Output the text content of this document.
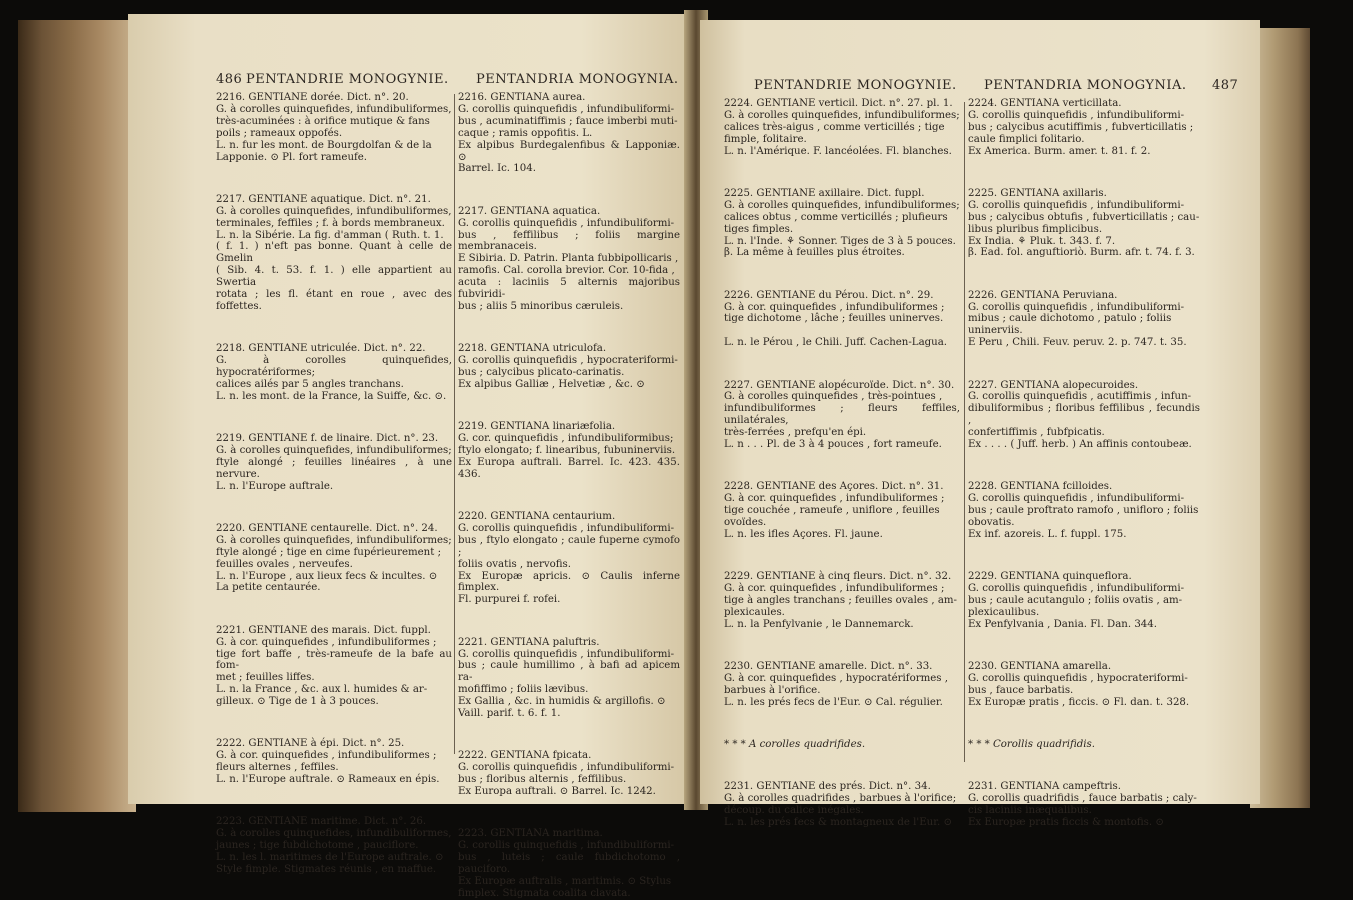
486 PENTANDRIE MONOGYNIE. PENTANDRIA MONOGYNIA.

2216. GENTIANE dorée. Dict. n°. 20.

G. à corolles quinquefides, infundibuliformes,

très-acuminées : à orifice mutique & fans

poils ; rameaux oppofés.

L. n. fur les mont. de Bourgdolfan & de la

Lapponie. ⊙ Pl. fort rameufe.

2217. GENTIANE aquatique. Dict. n°. 21.

G. à corolles quinquefides, infundibuliformes,

terminales, feffiles ; f. à bords membraneux.

L. n. la Sibérie. La fig. d'amman ( Ruth. t. 1.

( f. 1. ) n'eft pas bonne. Quant à celle de Gmelin

( Sib. 4. t. 53. f. 1. ) elle appartient au Swertia

rotata ; les fl. étant en roue , avec des foffettes.

2218. GENTIANE utriculée. Dict. n°. 22.

G. à corolles quinquefides, hypocratériformes;

calices ailés par 5 angles tranchans.

L. n. les mont. de la France, la Suiffe, &c. ⊙.

2219. GENTIANE f. de linaire. Dict. n°. 23.

G. à corolles quinquefides, infundibuliformes;

ftyle alongé ; feuilles linéaires , à une nervure.

L. n. l'Europe auftrale.

2220. GENTIANE centaurelle. Dict. n°. 24.

G. à corolles quinquefides, infundibuliformes;

ftyle alongé ; tige en cime fupérieurement ;

feuilles ovales , nerveufes.

L. n. l'Europe , aux lieux fecs & incultes. ⊙

La petite centaurée.

2221. GENTIANE des marais. Dict. fuppl.

G. à cor. quinquefides , infundibuliformes ;

tige fort baffe , très-rameufe de la bafe au fom-

met ; feuilles liffes.

L. n. la France , &c. aux l. humides & ar-

gilleux. ⊙ Tige de 1 à 3 pouces.

2222. GENTIANE à épi. Dict. n°. 25.

G. à cor. quinquefides , infundibuliformes ;

fleurs alternes , feffiles.

L. n. l'Europe auftrale. ⊙ Rameaux en épis.

2223. GENTIANE maritime. Dict. n°. 26.

G. à corolles quinquefides, infundibuliformes,

jaunes ; tige fubdichotome , pauciflore.

L. n. les l. maritimes de l'Europe auftrale. ⊙

Style fimple. Stigmates réunis , en maffue.

2216. GENTIANA aurea.

G. corollis quinquefidis , infundibuliformi-

bus , acuminatiffimis ; fauce imberbi muti-

caque ; ramis oppofitis. L.

Ex alpibus Burdegalenfibus & Lapponiæ. ⊙

Barrel. Ic. 104.

2217. GENTIANA aquatica.

G. corollis quinquefidis , infundibuliformi-

bus , feffilibus ; foliis margine membranaceis.

E Sibiria. D. Patrin. Planta fubbipollicaris ,

ramofis. Cal. corolla brevior. Cor. 10-fida ,

acuta : laciniis 5 alternis majoribus fubviridi-

bus ; aliis 5 minoribus cæruleis.

2218. GENTIANA utriculofa.

G. corollis quinquefidis , hypocrateriformi-

bus ; calycibus plicato-carinatis.

Ex alpibus Galliæ , Helvetiæ , &c. ⊙

2219. GENTIANA linariæfolia.

G. cor. quinquefidis , infundibuliformibus;

ftylo elongato; f. linearibus, fubuninerviis.

Ex Europa auftrali. Barrel. Ic. 423. 435. 436.

2220. GENTIANA centaurium.

G. corollis quinquefidis , infundibuliformi-

bus , ftylo elongato ; caule fuperne cymofo ;

foliis ovatis , nervofis.

Ex Europæ apricis. ⊙ Caulis inferne fimplex.

Fl. purpurei f. rofei.

2221. GENTIANA paluftris.

G. corollis quinquefidis , infundibuliformi-

bus ; caule humillimo , à bafi ad apicem ra-

mofiffimo ; foliis lævibus.

Ex Gallia , &c. in humidis & argillofis. ⊙

Vaill. parif. t. 6. f. 1.

2222. GENTIANA fpicata.

G. corollis quinquefidis , infundibuliformi-

bus ; floribus alternis , feffilibus.

Ex Europa auftrali. ⊙ Barrel. Ic. 1242.

2223. GENTIANA maritima.

G. corollis quinquefidis , infundibuliformi-

bus , luteis ; caule fubdichotomo , pauciforo.

Ex Europæ auftralis , maritimis. ⊙ Stylus

fimplex. Stigmata coalita clavata.

PENTANDRIE MONOGYNIE. PENTANDRIA MONOGYNIA. 487

2224. GENTIANE verticil. Dict. n°. 27. pl. 1.

G. à corolles quinquefides, infundibuliformes;

calices très-aigus , comme verticillés ; tige

fimple, folitaire.

L. n. l'Amérique. F. lancéolées. Fl. blanches.

2225. GENTIANE axillaire. Dict. fuppl.

G. à corolles quinquefides, infundibuliformes;

calices obtus , comme verticillés ; plufieurs

tiges fimples.

L. n. l'Inde. ⚘ Sonner. Tiges de 3 à 5 pouces.

β. La même à feuilles plus étroites.

2226. GENTIANE du Pérou. Dict. n°. 29.

G. à cor. quinquefides , infundibuliformes ;

tige dichotome , lâche ; feuilles uninerves.

L. n. le Pérou , le Chili. Juff. Cachen-Lagua.

2227. GENTIANE alopécuroïde. Dict. n°. 30.

G. à corolles quinquefides , très-pointues ,

infundibuliformes ; fleurs feffiles, unilatérales,

très-ferrées , prefqu'en épi.

L. n . . . Pl. de 3 à 4 pouces , fort rameufe.

2228. GENTIANE des Açores. Dict. n°. 31.

G. à cor. quinquefides , infundibuliformes ;

tige couchée , rameufe , uniflore , feuilles

ovoïdes.

L. n. les ifles Açores. Fl. jaune.

2229. GENTIANE à cinq fleurs. Dict. n°. 32.

G. à cor. quinquefides , infundibuliformes ;

tige à angles tranchans ; feuilles ovales , am-

plexicaules.

L. n. la Penfylvanie , le Dannemarck.

2230. GENTIANE amarelle. Dict. n°. 33.

G. à cor. quinquefides , hypocratériformes ,

barbues à l'orifice.

L. n. les prés fecs de l'Eur. ⊙ Cal. régulier.

* * * A corolles quadrifides.

2231. GENTIANE des prés. Dict. n°. 34.

G. à corolles quadrifides , barbues à l'orifice;

découp. du calice inégales.

L. n. les prés fecs & montagneux de l'Eur. ⊙

2224. GENTIANA verticillata.

G. corollis quinquefidis , infundibuliformi-

bus ; calycibus acutiffimis , fubverticillatis ;

caule fimplici folitario.

Ex America. Burm. amer. t. 81. f. 2.

2225. GENTIANA axillaris.

G. corollis quinquefidis , infundibuliformi-

bus ; calycibus obtufis , fubverticillatis ; cau-

libus pluribus fimplicibus.

Ex India. ⚘ Pluk. t. 343. f. 7.

β. Ead. fol. anguftioriò. Burm. afr. t. 74. f. 3.

2226. GENTIANA Peruviana.

G. corollis quinquefidis , infundibuliformi-

mibus ; caule dichotomo , patulo ; foliis

uninerviis.

E Peru , Chili. Feuv. peruv. 2. p. 747. t. 35.

2227. GENTIANA alopecuroides.

G. corollis quinquefidis , acutiffimis , infun-

dibuliformibus ; floribus feffilibus , fecundis ,

confertiffimis , fubfpicatis.

Ex . . . . ( Juff. herb. ) An affinis contoubeæ.

2228. GENTIANA fcilloides.

G. corollis quinquefidis , infundibuliformi-

bus ; caule proftrato ramofo , unifloro ; foliis

obovatis.

Ex inf. azoreis. L. f. fuppl. 175.

2229. GENTIANA quinqueflora.

G. corollis quinquefidis , infundibuliformi-

bus ; caule acutangulo ; foliis ovatis , am-

plexicaulibus.

Ex Penfylvania , Dania. Fl. Dan. 344.

2230. GENTIANA amarella.

G. corollis quinquefidis , hypocrateriformi-

bus , fauce barbatis.

Ex Europæ pratis , ficcis. ⊙ Fl. dan. t. 328.

* * * Corollis quadrifidis.

2231. GENTIANA campeftris.

G. corollis quadrifidis , fauce barbatis ; caly-

cis laciniis inæqualibus.

Ex Europæ pratis ficcis & montofis. ⊙
